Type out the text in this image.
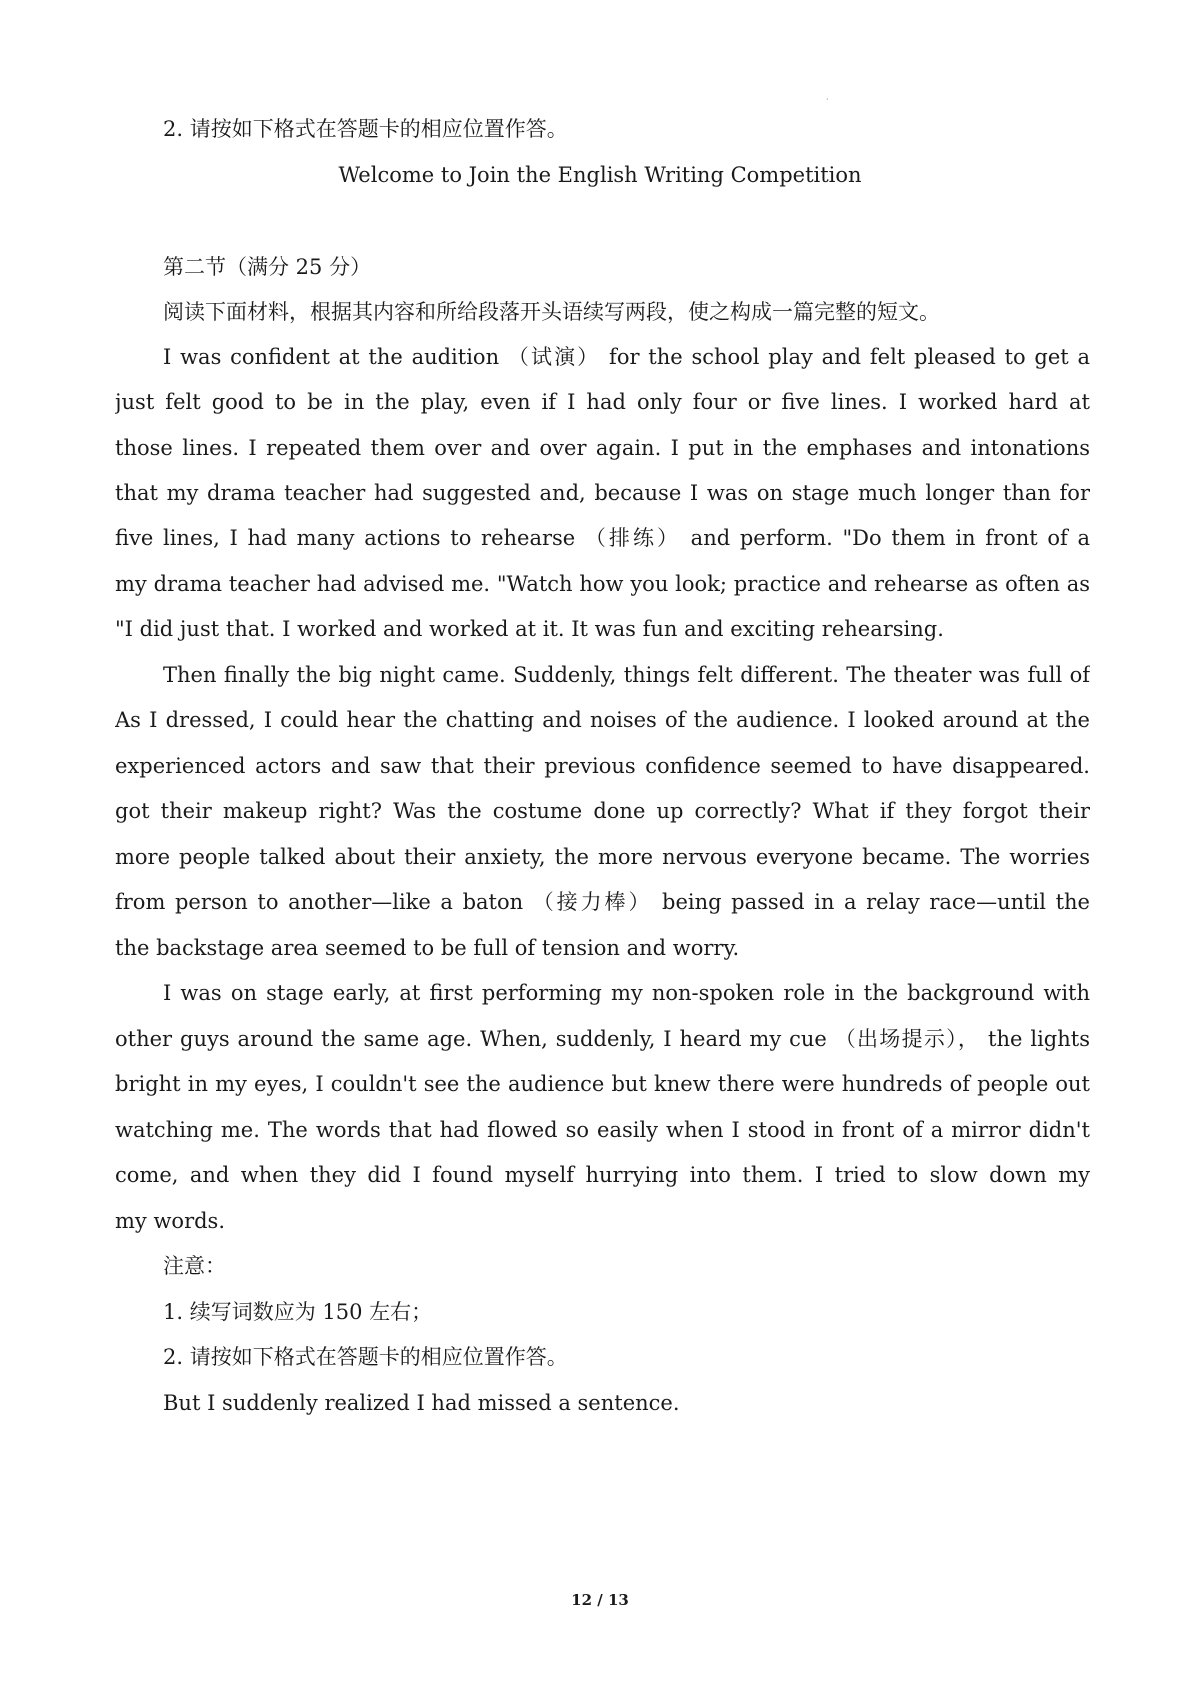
·
2. 请按如下格式在答题卡的相应位置作答。
Welcome to Join the English Writing Competition
第二节（满分 25 分）
阅读下面材料，根据其内容和所给段落开头语续写两段，使之构成一篇完整的短文。
I was confident at the audition （试演） for the school play and felt pleased to get a
just felt good to be in the play, even if I had only four or five lines. I worked hard at
those lines. I repeated them over and over again. I put in the emphases and intonations
that my drama teacher had suggested and, because I was on stage much longer than for
five lines, I had many actions to rehearse （排练） and perform. "Do them in front of a
my drama teacher had advised me. "Watch how you look; practice and rehearse as often as
"I did just that. I worked and worked at it. It was fun and exciting rehearsing.
Then finally the big night came. Suddenly, things felt different. The theater was full of
As I dressed, I could hear the chatting and noises of the audience. I looked around at the
experienced actors and saw that their previous confidence seemed to have disappeared.
got their makeup right? Was the costume done up correctly? What if they forgot their
more people talked about their anxiety, the more nervous everyone became. The worries
from person to another—like a baton （接力棒） being passed in a relay race—until the
the backstage area seemed to be full of tension and worry.
I was on stage early, at first performing my non-spoken role in the background with
other guys around the same age. When, suddenly, I heard my cue （出场提示）， the lights
bright in my eyes, I couldn't see the audience but knew there were hundreds of people out
watching me. The words that had flowed so easily when I stood in front of a mirror didn't
come, and when they did I found myself hurrying into them. I tried to slow down my
my words.
注意：
1. 续写词数应为 150 左右；
2. 请按如下格式在答题卡的相应位置作答。
But I suddenly realized I had missed a sentence.
12 / 13
